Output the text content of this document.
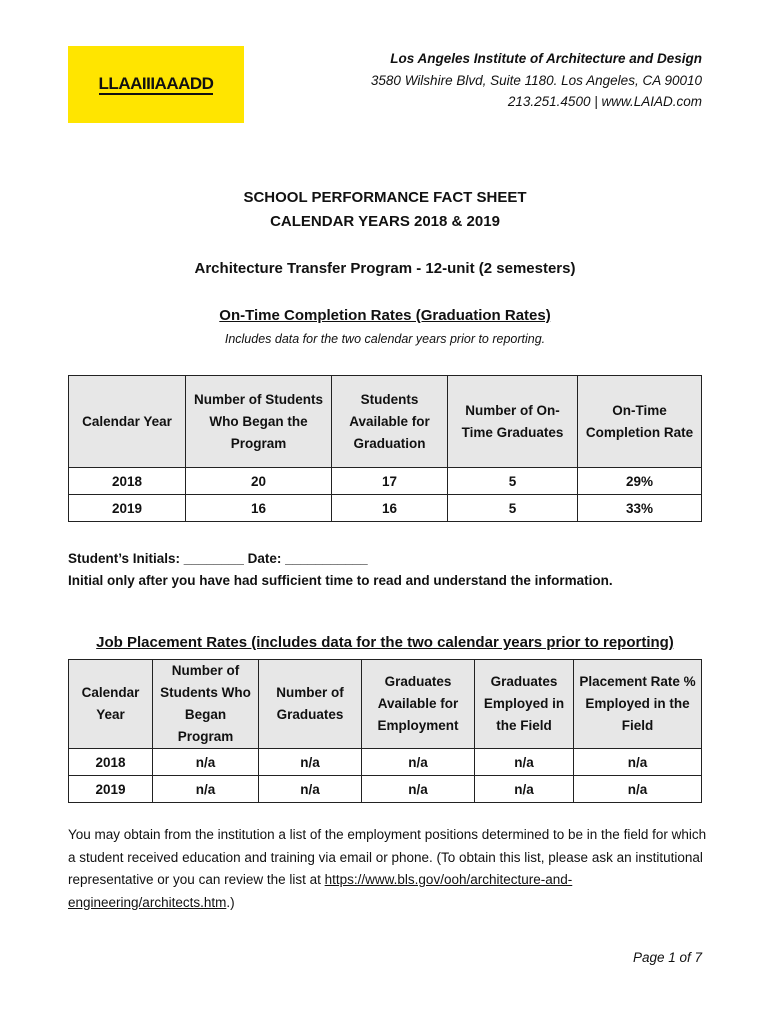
LLAAIIIAAADD
Los Angeles Institute of Architecture and Design
3580 Wilshire Blvd, Suite 1180. Los Angeles, CA 90010
213.251.4500 | www.LAIAD.com
SCHOOL PERFORMANCE FACT SHEET
CALENDAR YEARS 2018 & 2019
Architecture Transfer Program - 12-unit (2 semesters)
On-Time Completion Rates (Graduation Rates)
Includes data for the two calendar years prior to reporting.
Calendar Year	Number of Students Who Began the Program	Students Available for Graduation	Number of On-Time Graduates	On-Time Completion Rate
2018	20	17	5	29%
2019	16	16	5	33%
Student’s Initials: ________ Date: ___________
Initial only after you have had sufficient time to read and understand the information.
Job Placement Rates (includes data for the two calendar years prior to reporting)
Calendar Year	Number of Students Who Began Program	Number of Graduates	Graduates Available for Employment	Graduates Employed in the Field	Placement Rate % Employed in the Field
2018	n/a	n/a	n/a	n/a	n/a
2019	n/a	n/a	n/a	n/a	n/a
You may obtain from the institution a list of the employment positions determined to be in the field for which a student received education and training via email or phone. (To obtain this list, please ask an institutional representative or you can review the list at https://www.bls.gov/ooh/architecture-and-engineering/architects.htm.)
Page 1 of 7
